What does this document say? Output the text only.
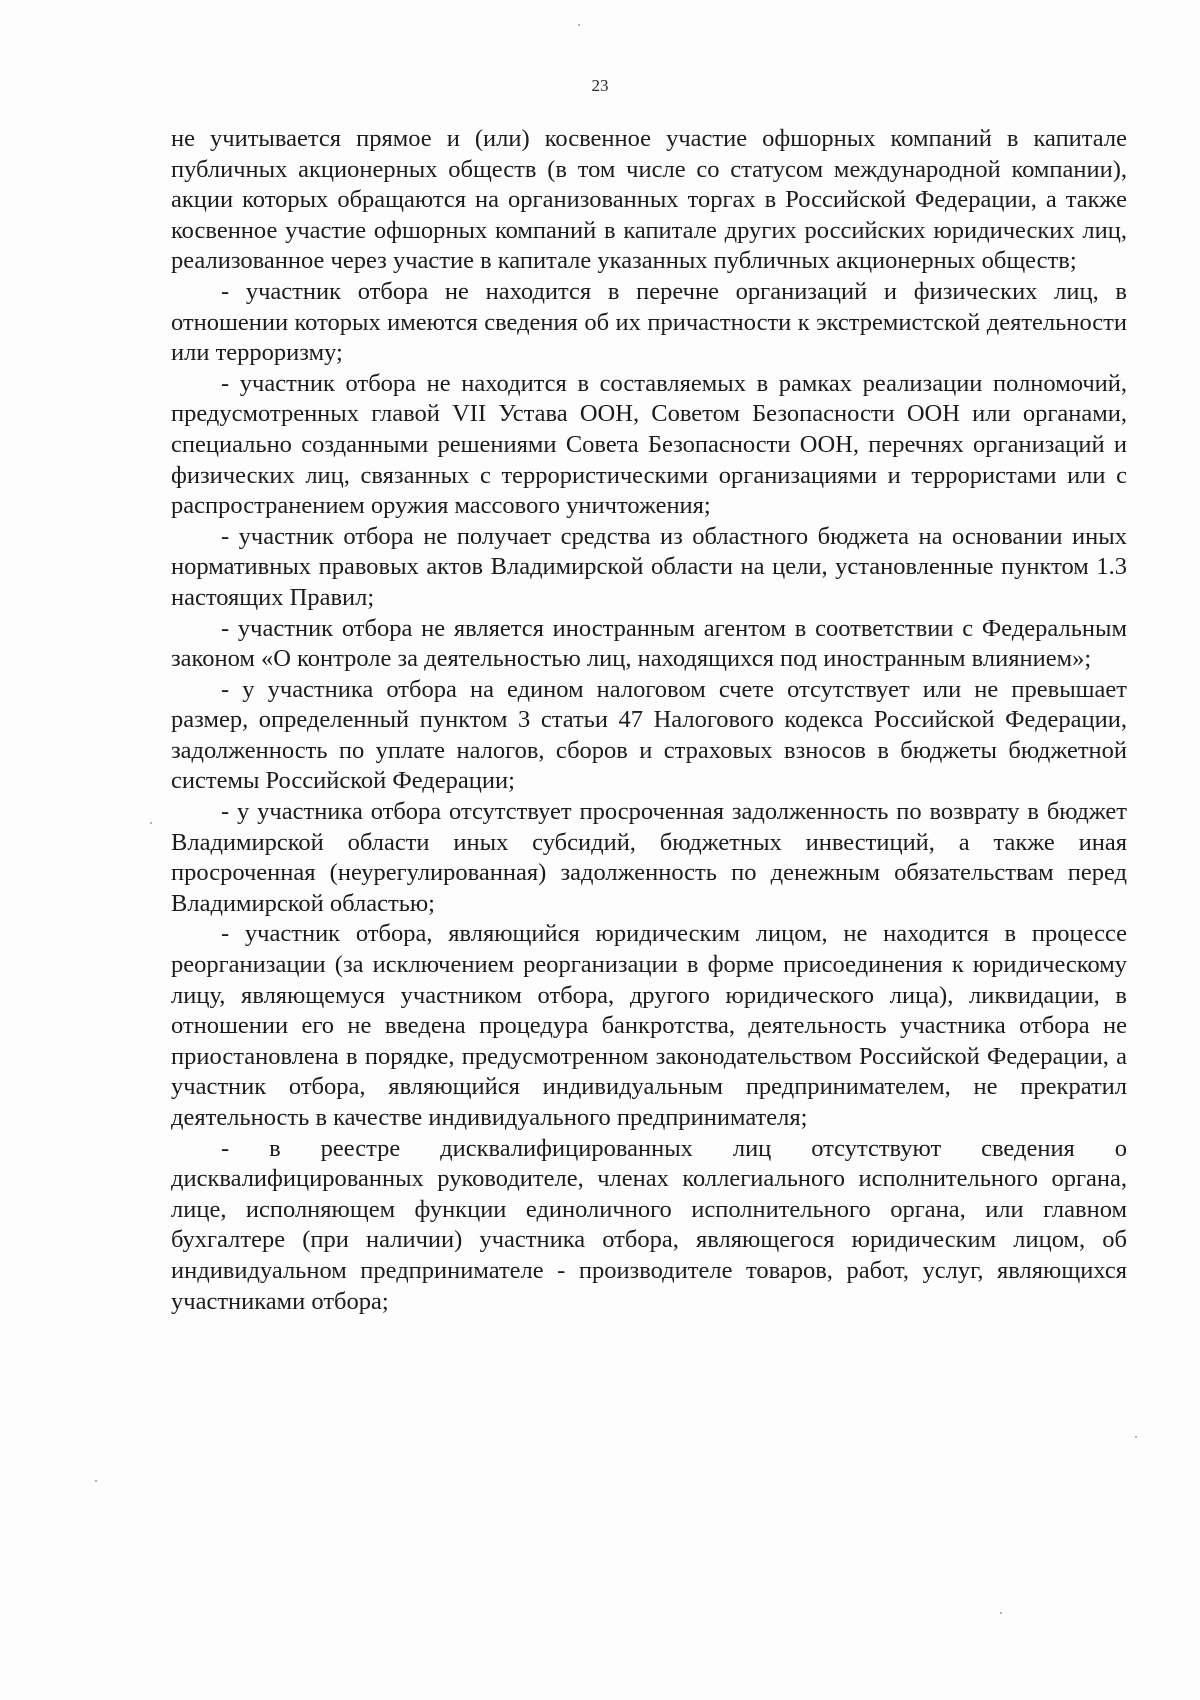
23

не учитывается прямое и (или) косвенное участие офшорных компаний в капитале публичных акционерных обществ (в том числе со статусом международной компании), акции которых обращаются на организованных торгах в Российской Федерации, а также косвенное участие офшорных компаний в капитале других российских юридических лиц, реализованное через участие в капитале указанных публичных акционерных обществ;

- участник отбора не находится в перечне организаций и физических лиц, в отношении которых имеются сведения об их причастности к экстремистской деятельности или терроризму;

- участник отбора не находится в составляемых в рамках реализации полномочий, предусмотренных главой VII Устава ООН, Советом Безопасности ООН или органами, специально созданными решениями Совета Безопасности ООН, перечнях организаций и физических лиц, связанных с террористическими организациями и террористами или с распространением оружия массового уничтожения;

- участник отбора не получает средства из областного бюджета на основании иных нормативных правовых актов Владимирской области на цели, установленные пунктом 1.3 настоящих Правил;

- участник отбора не является иностранным агентом в соответствии с Федеральным законом «О контроле за деятельностью лиц, находящихся под иностранным влиянием»;

- у участника отбора на едином налоговом счете отсутствует или не превышает размер, определенный пунктом 3 статьи 47 Налогового кодекса Российской Федерации, задолженность по уплате налогов, сборов и страховых взносов в бюджеты бюджетной системы Российской Федерации;

- у участника отбора отсутствует просроченная задолженность по возврату в бюджет Владимирской области иных субсидий, бюджетных инвестиций, а также иная просроченная (неурегулированная) задолженность по денежным обязательствам перед Владимирской областью;

- участник отбора, являющийся юридическим лицом, не находится в процессе реорганизации (за исключением реорганизации в форме присоединения к юридическому лицу, являющемуся участником отбора, другого юридического лица), ликвидации, в отношении его не введена процедура банкротства, деятельность участника отбора не приостановлена в порядке, предусмотренном законодательством Российской Федерации, а участник отбора, являющийся индивидуальным предпринимателем, не прекратил деятельность в качестве индивидуального предпринимателя;

- в реестре дисквалифицированных лиц отсутствуют сведения о дисквалифицированных руководителе, членах коллегиального исполнительного органа, лице, исполняющем функции единоличного исполнительного органа, или главном бухгалтере (при наличии) участника отбора, являющегося юридическим лицом, об индивидуальном предпринимателе - производителе товаров, работ, услуг, являющихся участниками отбора;
